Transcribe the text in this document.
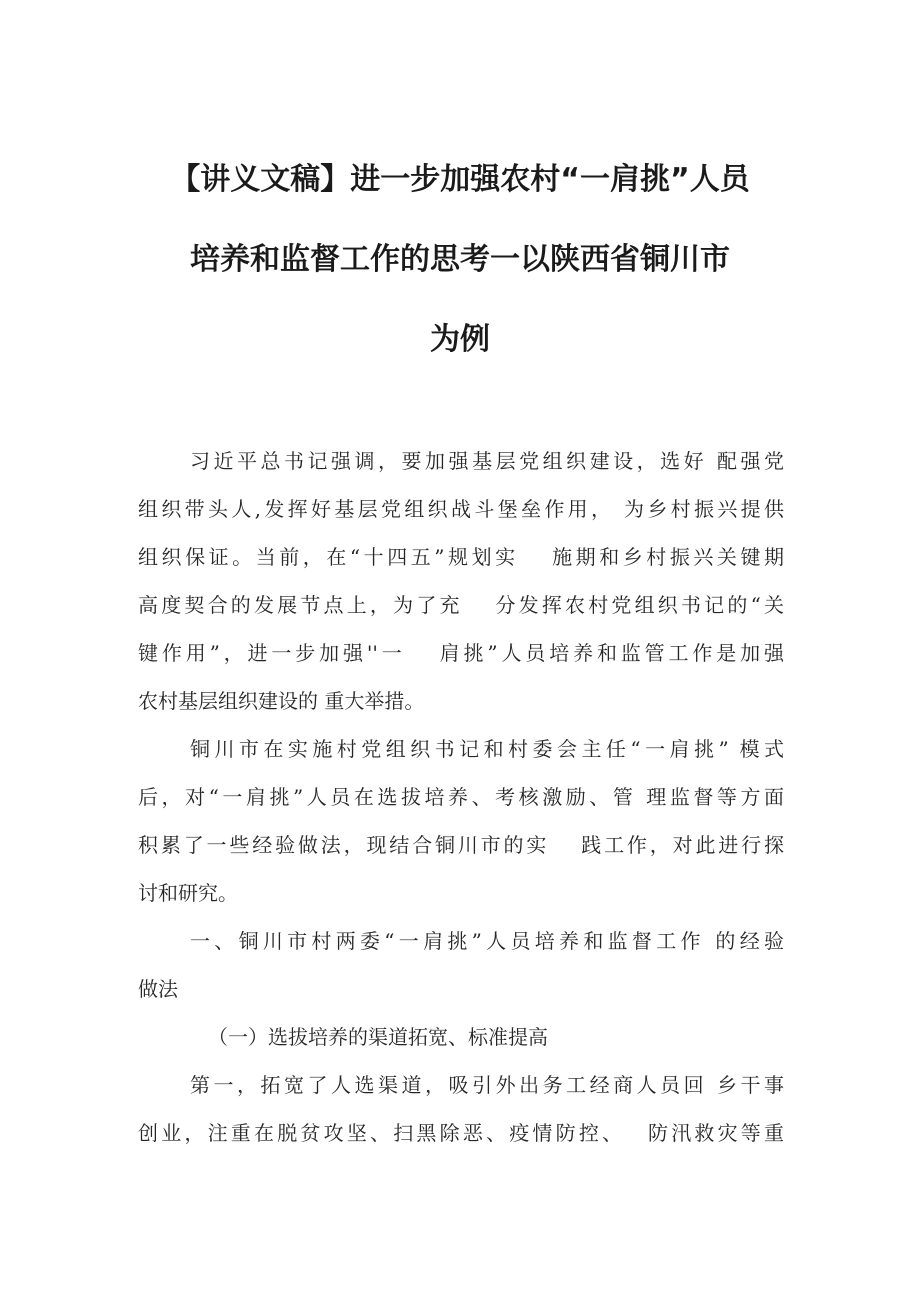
【讲义文稿】进一步加强农村“一肩挑”人员
培养和监督工作的思考一以陕西省铜川市
为例
习近平总书记强调，要加强基层党组织建设，选好 配强党
组织带头人,发挥好基层党组织战斗堡垒作用， 为乡村振兴提供
组织保证。当前，在“十四五”规划实　 施期和乡村振兴关键期
高度契合的发展节点上，为了充　 分发挥农村党组织书记的“关
键作用”，进一步加强''一　 肩挑”人员培养和监管工作是加强
农村基层组织建设的 重大举措。
铜川市在实施村党组织书记和村委会主任“一肩挑” 模式
后，对“一肩挑”人员在选拔培养、考核激励、管 理监督等方面
积累了一些经验做法，现结合铜川市的实　 践工作，对此进行探
讨和研究。
一、铜川市村两委“一肩挑”人员培养和监督工作 的经验
做法
（一）选拔培养的渠道拓宽、标准提高
第一，拓宽了人选渠道，吸引外出务工经商人员回 乡干事
创业，注重在脱贫攻坚、扫黑除恶、疫情防控、　 防汛救灾等重
